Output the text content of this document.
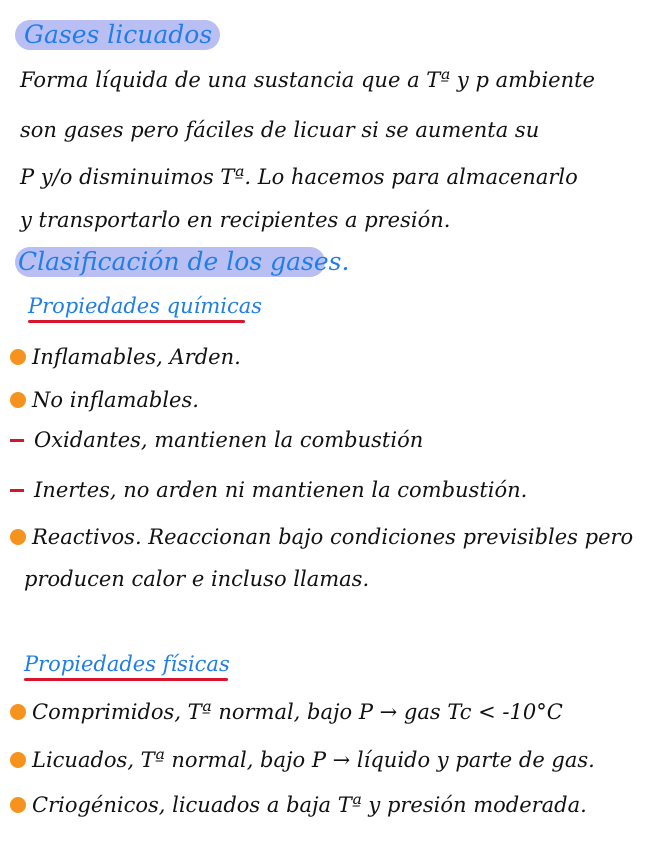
Gases licuados
Forma líquida de una sustancia que a Tª y p ambiente
son gases pero fáciles de licuar si se aumenta su
P y/o disminuimos Tª. Lo hacemos para almacenarlo
y transportarlo en recipientes a presión.
Clasificación de los gases.
Propiedades químicas
Inflamables, Arden.
No inflamables.
Oxidantes, mantienen la combustión
Inertes, no arden ni mantienen la combustión.
Reactivos. Reaccionan bajo condiciones previsibles pero
producen calor e incluso llamas.
Propiedades físicas
Comprimidos, Tª normal, bajo P → gas Tc < -10°C
Licuados, Tª normal, bajo P → líquido y parte de gas.
Criogénicos, licuados a baja Tª y presión moderada.
